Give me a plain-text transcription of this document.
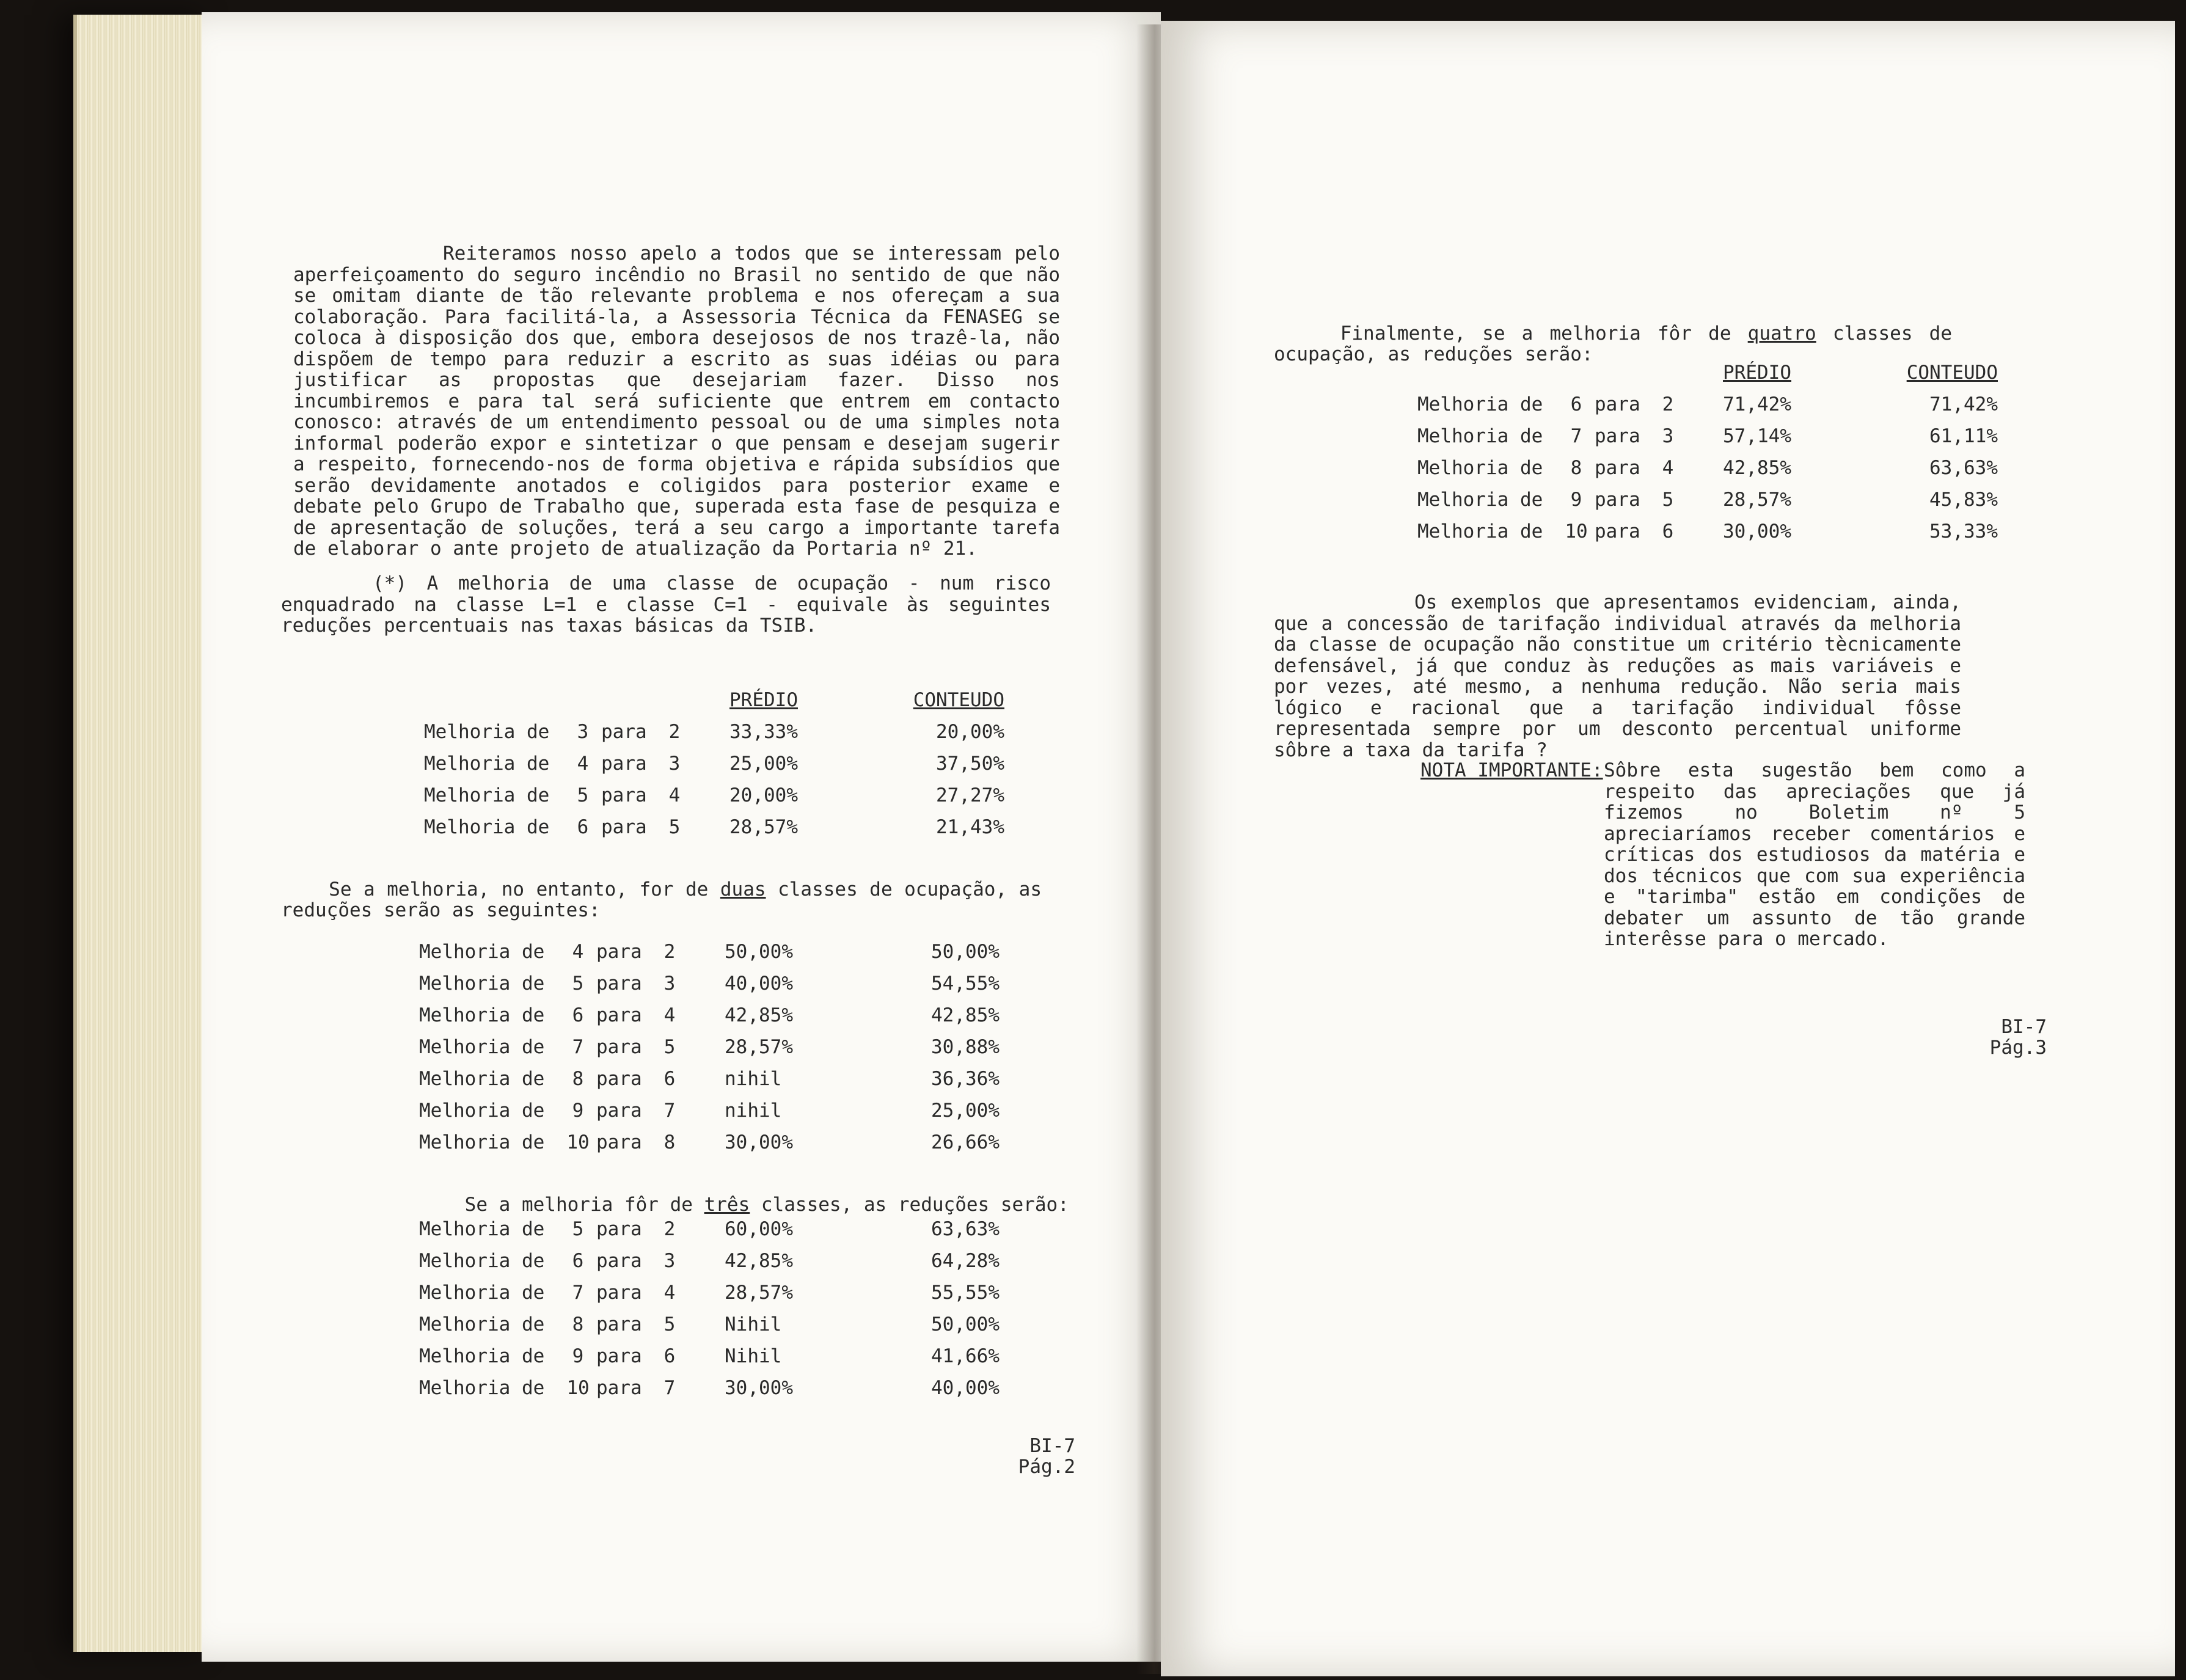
Reiteramos nosso apelo a todos que se interessam pelo aperfeiçoamento do seguro incêndio no Brasil no sentido de que não se omitam diante de tão relevante problema e nos ofereçam a sua colaboração. Para facilitá-la, a Assessoria Técnica da FENASEG se coloca à disposição dos que, embora desejosos de nos trazê-la, não dispõem de tempo para reduzir a escrito as suas idéias ou para justificar as propostas que desejariam fazer. Disso nos incumbiremos e para tal será suficiente que entrem em contacto conosco: através de um entendimento pessoal ou de uma simples nota informal poderão expor e sintetizar o que pensam e desejam sugerir a respeito, fornecendo-nos de forma objetiva e rápida subsídios que serão devidamente anotados e coligidos para posterior exame e debate pelo Grupo de Trabalho que, superada esta fase de pesquiza e de apresentação de soluções, terá a seu cargo a importante tarefa de elaborar o ante projeto de atualização da Portaria nº 21.
(*) A melhoria de uma classe de ocupação - num risco enquadrado na classe L=1 e classe C=1 - equivale às seguintes reduções percentuais nas taxas básicas da TSIB.
					PRÉDIO	CONTEUDO
Melhoria de	3	para	2		33,33%	20,00%
Melhoria de	4	para	3		25,00%	37,50%
Melhoria de	5	para	4		20,00%	27,27%
Melhoria de	6	para	5		28,57%	21,43%

Se a melhoria, no entanto, for de duas classes de ocupação, as reduções serão as seguintes:

Melhoria de	4	para	2		50,00%	50,00%
Melhoria de	5	para	3		40,00%	54,55%
Melhoria de	6	para	4		42,85%	42,85%
Melhoria de	7	para	5		28,57%	30,88%
Melhoria de	8	para	6		nihil	36,36%
Melhoria de	9	para	7		nihil	25,00%
Melhoria de	10	para	8		30,00%	26,66%

Se a melhoria fôr de três classes, as reduções serão:

Melhoria de	5	para	2		60,00%	63,63%
Melhoria de	6	para	3		42,85%	64,28%
Melhoria de	7	para	4		28,57%	55,55%
Melhoria de	8	para	5		Nihil	50,00%
Melhoria de	9	para	6		Nihil	41,66%
Melhoria de	10	para	7		30,00%	40,00%
BI-7
Pág.2

Finalmente, se a melhoria fôr de quatro classes de ocupação, as reduções serão:

					PRÉDIO	CONTEUDO
Melhoria de	6	para	2		71,42%	71,42%
Melhoria de	7	para	3		57,14%	61,11%
Melhoria de	8	para	4		42,85%	63,63%
Melhoria de	9	para	5		28,57%	45,83%
Melhoria de	10	para	6		30,00%	53,33%
Os exemplos que apresentamos evidenciam, ainda, que a concessão de tarifação individual através da melhoria da classe de ocupação não constitue um critério tècnicamente defensável, já que conduz às reduções as mais variáveis e por vezes, até mesmo, a nenhuma redução. Não seria mais lógico e racional que a tarifação individual fôsse representada sempre por um desconto percentual uniforme sôbre a taxa da tarifa ?
NOTA IMPORTANTE: Sôbre esta sugestão bem como a respeito das apreciações que já fizemos no Boletim nº 5 apreciaríamos receber comentários e críticas dos estudiosos da matéria e dos técnicos que com sua experiência e "tarimba" estão em condições de debater um assunto de tão grande interêsse para o mercado.
BI-7
Pág.3
